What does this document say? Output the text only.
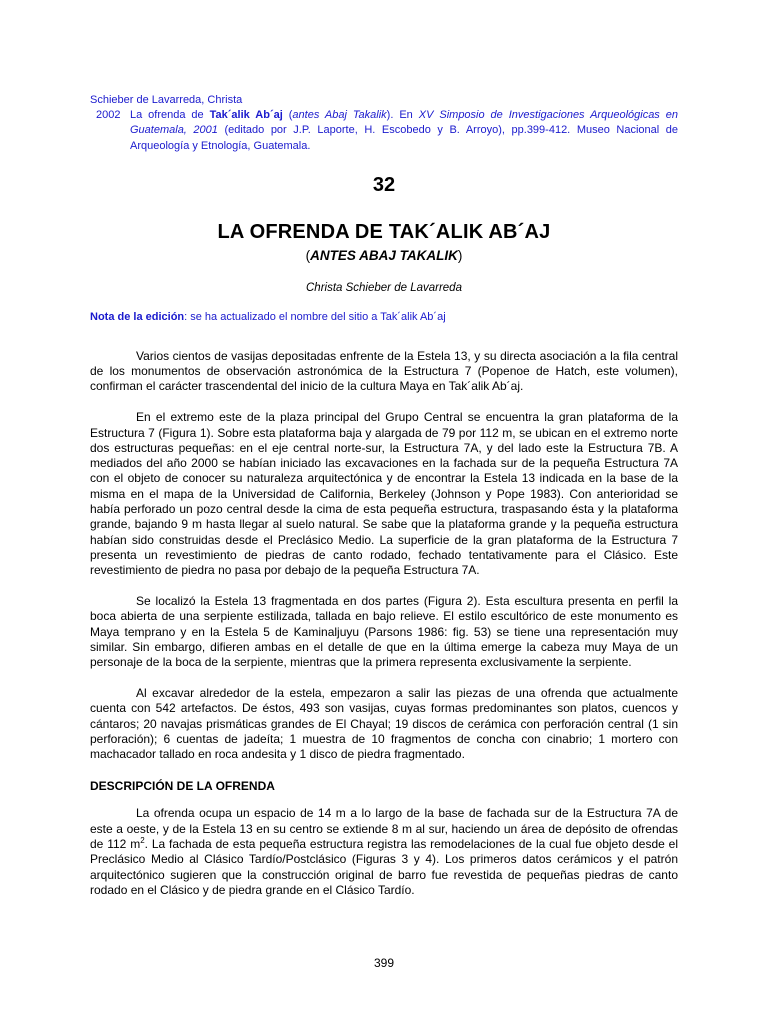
Schieber de Lavarreda, Christa
2002 La ofrenda de Tak´alik Ab´aj (antes Abaj Takalik). En XV Simposio de Investigaciones Arqueológicas en Guatemala, 2001 (editado por J.P. Laporte, H. Escobedo y B. Arroyo), pp.399-412. Museo Nacional de Arqueología y Etnología, Guatemala.
32
LA OFRENDA DE TAK´ALIK AB´AJ
(ANTES ABAJ TAKALIK)
Christa Schieber de Lavarreda
Nota de la edición: se ha actualizado el nombre del sitio a Tak´alik Ab´aj

Varios cientos de vasijas depositadas enfrente de la Estela 13, y su directa asociación a la fila central de los monumentos de observación astronómica de la Estructura 7 (Popenoe de Hatch, este volumen), confirman el carácter trascendental del inicio de la cultura Maya en Tak´alik Ab´aj.

En el extremo este de la plaza principal del Grupo Central se encuentra la gran plataforma de la Estructura 7 (Figura 1). Sobre esta plataforma baja y alargada de 79 por 112 m, se ubican en el extremo norte dos estructuras pequeñas: en el eje central norte-sur, la Estructura 7A, y del lado este la Estructura 7B. A mediados del año 2000 se habían iniciado las excavaciones en la fachada sur de la pequeña Estructura 7A con el objeto de conocer su naturaleza arquitectónica y de encontrar la Estela 13 indicada en la base de la misma en el mapa de la Universidad de California, Berkeley (Johnson y Pope 1983). Con anterioridad se había perforado un pozo central desde la cima de esta pequeña estructura, traspasando ésta y la plataforma grande, bajando 9 m hasta llegar al suelo natural. Se sabe que la plataforma grande y la pequeña estructura habían sido construidas desde el Preclásico Medio. La superficie de la gran plataforma de la Estructura 7 presenta un revestimiento de piedras de canto rodado, fechado tentativamente para el Clásico. Este revestimiento de piedra no pasa por debajo de la pequeña Estructura 7A.

Se localizó la Estela 13 fragmentada en dos partes (Figura 2). Esta escultura presenta en perfil la boca abierta de una serpiente estilizada, tallada en bajo relieve. El estilo escultórico de este monumento es Maya temprano y en la Estela 5 de Kaminaljuyu (Parsons 1986: fig. 53) se tiene una representación muy similar. Sin embargo, difieren ambas en el detalle de que en la última emerge la cabeza muy Maya de un personaje de la boca de la serpiente, mientras que la primera representa exclusivamente la serpiente.

Al excavar alrededor de la estela, empezaron a salir las piezas de una ofrenda que actualmente cuenta con 542 artefactos. De éstos, 493 son vasijas, cuyas formas predominantes son platos, cuencos y cántaros; 20 navajas prismáticas grandes de El Chayal; 19 discos de cerámica con perforación central (1 sin perforación); 6 cuentas de jadeíta; 1 muestra de 10 fragmentos de concha con cinabrio; 1 mortero con machacador tallado en roca andesita y 1 disco de piedra fragmentado.

DESCRIPCIÓN DE LA OFRENDA

La ofrenda ocupa un espacio de 14 m a lo largo de la base de fachada sur de la Estructura 7A de este a oeste, y de la Estela 13 en su centro se extiende 8 m al sur, haciendo un área de depósito de ofrendas de 112 $m^2$. La fachada de esta pequeña estructura registra las remodelaciones de la cual fue objeto desde el Preclásico Medio al Clásico Tardío/Postclásico (Figuras 3 y 4). Los primeros datos cerámicos y el patrón arquitectónico sugieren que la construcción original de barro fue revestida de pequeñas piedras de canto rodado en el Clásico y de piedra grande en el Clásico Tardío.

399
